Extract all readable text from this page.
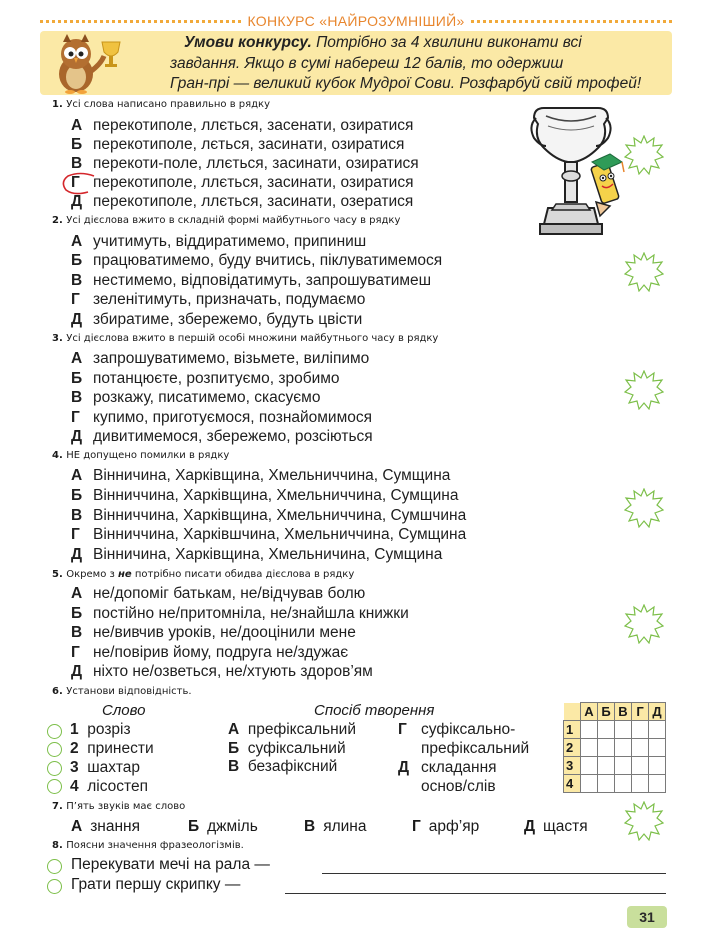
КОНКУРС «НАЙРОЗУМНІШИЙ»
Умови конкурсу. Потрібно за 4 хвилини виконати всі
завдання. Якщо в сумі набереш 12 балів, то одержиш
Гран-прі — великий кубок Мудрої Сови. Розфарбуй свій трофей!
1. Усі слова написано правильно в рядку
А перекотиполе, ллється, засенати, озиратися
Б перекотиполе, лється, засинати, озиратися
В перекоти-поле, ллється, засинати, озиратися
Г перекотиполе, ллється, засинати, озиратися
Д перекотиполе, ллється, засинати, озератися
2. Усі дієслова вжито в складній формі майбутнього часу в рядку
А учитимуть, віддиратимемо, припиниш
Б працюватимемо, буду вчитись, піклуватимемося
В нестимемо, відповідатимуть, запрошуватимеш
Г зеленітимуть, призначать, подумаємо
Д збиратиме, збережемо, будуть цвісти
3. Усі дієслова вжито в першій особі множини майбутнього часу в рядку
А запрошуватимемо, візьмете, виліпимо
Б потанцюєте, розпитуємо, зробимо
В розкажу, писатимемо, скасуємо
Г купимо, приготуємося, познайомимося
Д дивитимемося, збережемо, розсіються
4. НЕ допущено помилки в рядку
А Вінничина, Харківщина, Хмельниччина, Сумщина
Б Вінниччина, Харківщина, Хмельниччина, Сумщина
В Вінниччина, Харківщина, Хмельниччина, Сумшчина
Г Вінниччина, Харківшчина, Хмельниччина, Сумщина
Д Вінничина, Харківщина, Хмельничина, Сумщина
5. Окремо з не потрібно писати обидва дієслова в рядку
А не/допоміг батькам, не/відчував болю
Б постійно не/притомніла, не/знайшла книжки
В не/вивчив уроків, не/дооцінили мене
Г не/повірив йому, подруга не/здужає
Д ніхто не/озветься, не/хтують здоров’ям
6. Установи відповідність.
Слово	Спосіб творення
1 розріз
2 принести
3 шахтар
4 лісостеп
А префіксальний
Б суфіксальний
В безафіксний
Г суфіксально-
префіксальний
Д складання
основ/слів
	А	Б	В	Г	Д
1					
2					
3					
4					
7. П’ять звуків має слово
А знання	Б джміль	В ялина	Г арф’яр	Д щастя
8. Поясни значення фразеологізмів.
Перекувати мечі на рала —
Грати першу скрипку —
31
